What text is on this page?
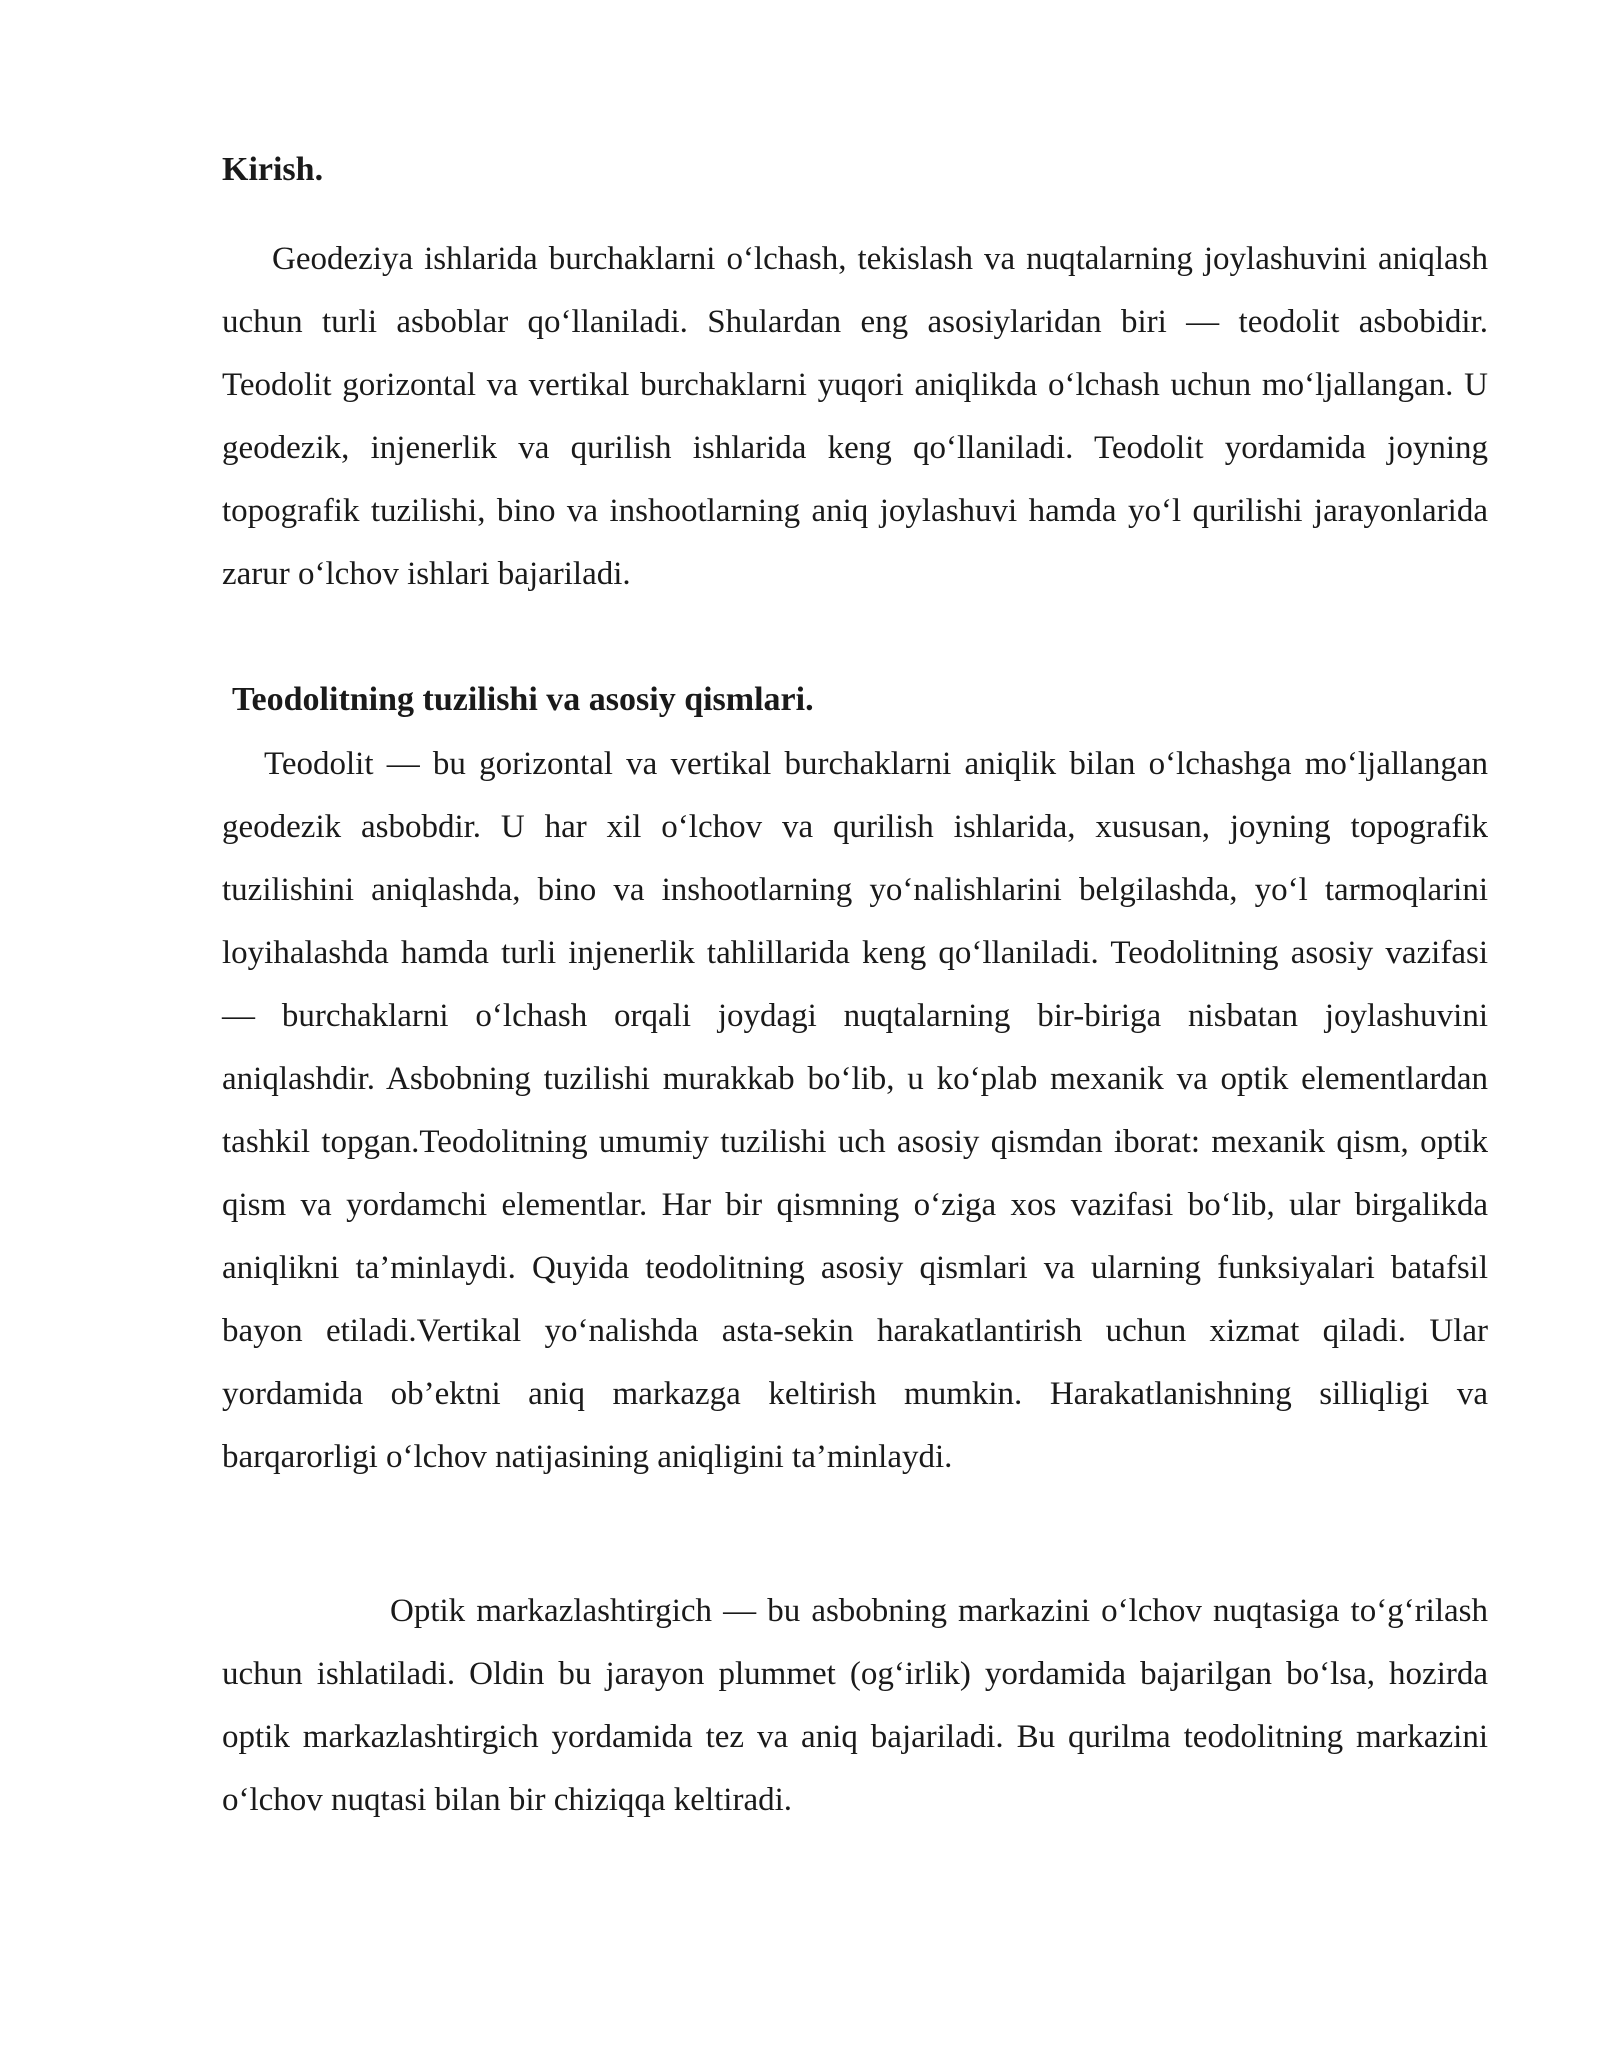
Kirish.

Geodeziya ishlarida burchaklarni o‘lchash, tekislash va nuqtalarning joylashuvini aniqlash uchun turli asboblar qo‘llaniladi. Shulardan eng asosiylaridan biri — teodolit asbobidir. Teodolit gorizontal va vertikal burchaklarni yuqori aniqlikda o‘lchash uchun mo‘ljallangan. U geodezik, injenerlik va qurilish ishlarida keng qo‘llaniladi. Teodolit yordamida joyning topografik tuzilishi, bino va inshootlarning aniq joylashuvi hamda yo‘l qurilishi jarayonlarida zarur o‘lchov ishlari bajariladi.

Teodolitning tuzilishi va asosiy qismlari.

Teodolit — bu gorizontal va vertikal burchaklarni aniqlik bilan o‘lchashga mo‘ljallangan geodezik asbobdir. U har xil o‘lchov va qurilish ishlarida, xususan, joyning topografik tuzilishini aniqlashda, bino va inshootlarning yo‘nalishlarini belgilashda, yo‘l tarmoqlarini loyihalashda hamda turli injenerlik tahlillarida keng qo‘llaniladi. Teodolitning asosiy vazifasi — burchaklarni o‘lchash orqali joydagi nuqtalarning bir-biriga nisbatan joylashuvini aniqlashdir. Asbobning tuzilishi murakkab bo‘lib, u ko‘plab mexanik va optik elementlardan tashkil topgan.Teodolitning umumiy tuzilishi uch asosiy qismdan iborat: mexanik qism, optik qism va yordamchi elementlar. Har bir qismning o‘ziga xos vazifasi bo‘lib, ular birgalikda aniqlikni ta’minlaydi. Quyida teodolitning asosiy qismlari va ularning funksiyalari batafsil bayon etiladi.Vertikal yo‘nalishda asta-sekin harakatlantirish uchun xizmat qiladi. Ular yordamida ob’ektni aniq markazga keltirish mumkin. Harakatlanishning silliqligi va barqarorligi o‘lchov natijasining aniqligini ta’minlaydi.

Optik markazlashtirgich — bu asbobning markazini o‘lchov nuqtasiga to‘g‘rilash uchun ishlatiladi. Oldin bu jarayon plummet (og‘irlik) yordamida bajarilgan bo‘lsa, hozirda optik markazlashtirgich yordamida tez va aniq bajariladi. Bu qurilma teodolitning markazini o‘lchov nuqtasi bilan bir chiziqqa keltiradi.
